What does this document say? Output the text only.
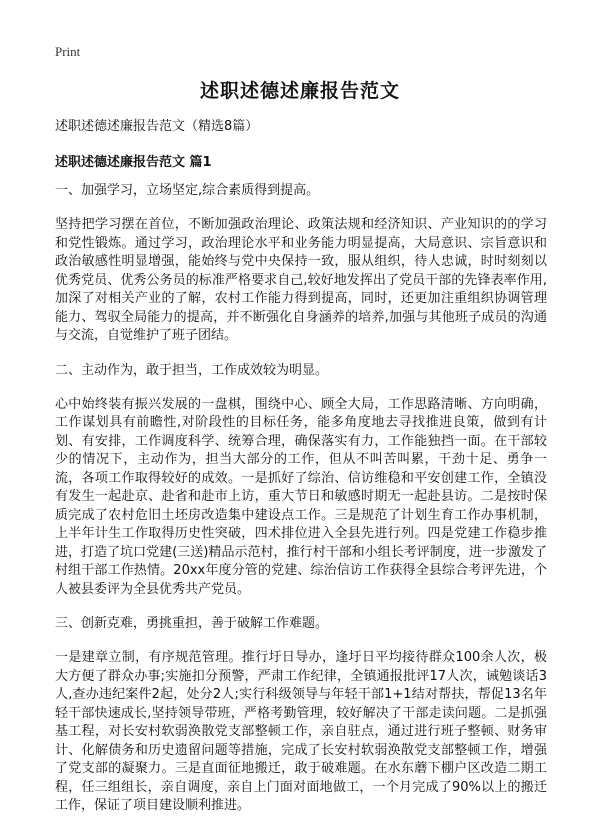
Print
述职述德述廉报告范文

述职述德述廉报告范文（精选8篇）

述职述德述廉报告范文 篇1

一、加强学习，立场坚定,综合素质得到提高。

坚持把学习摆在首位，不断加强政治理论、政策法规和经济知识、产业知识的的学习和党性锻炼。通过学习，政治理论水平和业务能力明显提高，大局意识、宗旨意识和政治敏感性明显增强，能始终与党中央保持一致，服从组织，待人忠诚，时时刻刻以优秀党员、优秀公务员的标准严格要求自己,较好地发挥出了党员干部的先锋表率作用,加深了对相关产业的了解，农村工作能力得到提高，同时，还更加注重组织协调管理能力、驾驭全局能力的提高，并不断强化自身涵养的培养,加强与其他班子成员的沟通与交流，自觉维护了班子团结。

二、主动作为，敢于担当，工作成效较为明显。

心中始终装有振兴发展的一盘棋，围绕中心、顾全大局，工作思路清晰、方向明确，工作谋划具有前瞻性,对阶段性的目标任务，能多角度地去寻找推进良策，做到有计划、有安排，工作调度科学、统筹合理，确保落实有力，工作能独挡一面。在干部较少的情况下，主动作为，担当大部分的工作，但从不叫苦叫累，干劲十足、勇争一流，各项工作取得较好的成效。一是抓好了综治、信访维稳和平安创建工作，全镇没有发生一起赴京、赴省和赴市上访，重大节日和敏感时期无一起赴县访。二是按时保质完成了农村危旧土坯房改造集中建设点工作。三是规范了计划生育工作办事机制，上半年计生工作取得历史性突破，四术排位进入全县先进行列。四是党建工作稳步推进，打造了坑口党建(三送)精品示范村，推行村干部和小组长考评制度，进一步激发了村组干部工作热情。20xx年度分管的党建、综治信访工作获得全县综合考评先进，个人被县委评为全县优秀共产党员。

三、创新克难，勇挑重担，善于破解工作难题。

一是建章立制，有序规范管理。推行圩日导办，逢圩日平均接待群众100余人次，极大方便了群众办事;实施扣分预警，严肃工作纪律，全镇通报批评17人次，诫勉谈话3人,查办违纪案件2起，处分2人;实行科级领导与年轻干部1+1结对帮扶，帮促13名年轻干部快速成长,坚持领导带班，严格考勤管理，较好解决了干部走读问题。二是抓强基工程，对长安村软弱涣散党支部整顿工作，亲自驻点，通过进行班子整顿、财务审计、化解债务和历史遗留问题等措施，完成了长安村软弱涣散党支部整顿工作，增强了党支部的凝聚力。三是直面征地搬迁，敢于破难题。在水东蘑下棚户区改造二期工程，任三组组长，亲自调度，亲自上门面对面地做工，一个月完成了90%以上的搬迁工作，保证了项目建设顺利推进。
